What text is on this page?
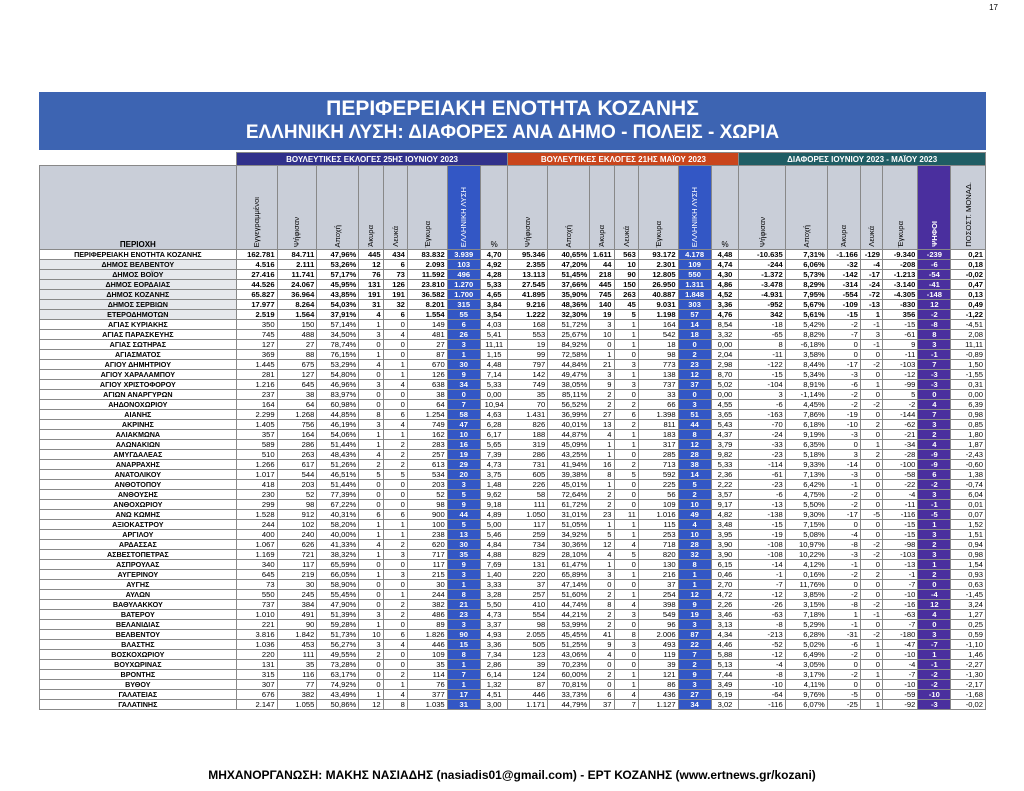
17
ΠΕΡΙΦΕΡΕΙΑΚΗ ΕΝΟΤΗΤΑ ΚΟΖΑΝΗΣ
ΕΛΛΗΝΙΚΗ ΛΥΣΗ: ΔΙΑΦΟΡΕΣ ΑΝΑ ΔΗΜΟ - ΠΟΛΕΙΣ - ΧΩΡΙΑ
	ΒΟΥΛΕΥΤΙΚΕΣ ΕΚΛΟΓΕΣ 25ΗΣ ΙΟΥΝΙΟΥ 2023								ΒΟΥΛΕΥΤΙΚΕΣ ΕΚΛΟΓΕΣ 21ΗΣ ΜΑΪΟΥ 2023							ΔΙΑΦΟΡΕΣ ΙΟΥΝΙΟΥ 2023 - ΜΑΪΟΥ 2023						
ΠΕΡΙΟΧΗ	Εγγεγραμμένοι	Ψήφισαν	Αποχή	Άκυρα	Λευκά	Έγκυρα	ΕΛΛΗΝΙΚΗ ΛΥΣΗ	%	Ψήφισαν	Αποχή	Άκυρα	Λευκά	Έγκυρα	ΕΛΛΗΝΙΚΗ ΛΥΣΗ	%	Ψήφισαν	Αποχή	Άκυρα	Λευκά	Έγκυρα	ΨΗΦΟΙ	ΠΟΣΟΣΤ. ΜΟΝΑΔ.
ΠΕΡΙΦΕΡΕΙΑΚΗ ΕΝΟΤΗΤΑ ΚΟΖΑΝΗΣ	162.781	84.711	47,96%	445	434	83.832	3.939	4,70	95.346	40,65%	1.611	563	93.172	4.178	4,48	-10.635	7,31%	-1.166	-129	-9.340	-239	0,21
ΔΗΜΟΣ ΒΕΛΒΕΝΤΟΥ	4.516	2.111	53,26%	12	6	2.093	103	4,92	2.355	47,20%	44	10	2.301	109	4,74	-244	6,06%	-32	-4	-208	-6	0,18
ΔΗΜΟΣ ΒΟΪΟΥ	27.416	11.741	57,17%	76	73	11.592	496	4,28	13.113	51,45%	218	90	12.805	550	4,30	-1.372	5,73%	-142	-17	-1.213	-54	-0,02
ΔΗΜΟΣ ΕΟΡΔΑΙΑΣ	44.526	24.067	45,95%	131	126	23.810	1.270	5,33	27.545	37,66%	445	150	26.950	1.311	4,86	-3.478	8,29%	-314	-24	-3.140	-41	0,47
ΔΗΜΟΣ ΚΟΖΑΝΗΣ	65.827	36.964	43,85%	191	191	36.582	1.700	4,65	41.895	35,90%	745	263	40.887	1.848	4,52	-4.931	7,95%	-554	-72	-4.305	-148	0,13
ΔΗΜΟΣ ΣΕΡΒΙΩΝ	17.977	8.264	54,03%	31	32	8.201	315	3,84	9.216	48,36%	140	45	9.031	303	3,36	-952	5,67%	-109	-13	-830	12	0,49
ΕΤΕΡΟΔΗΜΟΤΩΝ	2.519	1.564	37,91%	4	6	1.554	55	3,54	1.222	32,30%	19	5	1.198	57	4,76	342	5,61%	-15	1	356	-2	-1,22
ΑΓΙΑΣ ΚΥΡΙΑΚΗΣ	350	150	57,14%	1	0	149	6	4,03	168	51,72%	3	1	164	14	8,54	-18	5,42%	-2	-1	-15	-8	-4,51
ΑΓΙΑΣ ΠΑΡΑΣΚΕΥΗΣ	745	488	34,50%	3	4	481	26	5,41	553	25,67%	10	1	542	18	3,32	-65	8,82%	-7	3	-61	8	2,08
ΑΓΙΑΣ ΣΩΤΗΡΑΣ	127	27	78,74%	0	0	27	3	11,11	19	84,92%	0	1	18	0	0,00	8	-6,18%	0	-1	9	3	11,11
ΑΓΙΑΣΜΑΤΟΣ	369	88	76,15%	1	0	87	1	1,15	99	72,58%	1	0	98	2	2,04	-11	3,58%	0	0	-11	-1	-0,89
ΑΓΙΟΥ ΔΗΜΗΤΡΙΟΥ	1.445	675	53,29%	4	1	670	30	4,48	797	44,84%	21	3	773	23	2,98	-122	8,44%	-17	-2	-103	7	1,50
ΑΓΙΟΥ ΧΑΡΑΛΑΜΠΟΥ	281	127	54,80%	0	1	126	9	7,14	142	49,47%	3	1	138	12	8,70	-15	5,34%	-3	0	-12	-3	-1,55
ΑΓΙΟΥ ΧΡΙΣΤΟΦΟΡΟΥ	1.216	645	46,96%	3	4	638	34	5,33	749	38,05%	9	3	737	37	5,02	-104	8,91%	-6	1	-99	-3	0,31
ΑΓΙΩΝ ΑΝΑΡΓΥΡΩΝ	237	38	83,97%	0	0	38	0	0,00	35	85,11%	2	0	33	0	0,00	3	-1,14%	-2	0	5	0	0,00
ΑΗΔΟΝΟΧΩΡΙΟΥ	164	64	60,98%	0	0	64	7	10,94	70	56,52%	2	2	66	3	4,55	-6	4,45%	-2	-2	-2	4	6,39
ΑΙΑΝΗΣ	2.299	1.268	44,85%	8	6	1.254	58	4,63	1.431	36,99%	27	6	1.398	51	3,65	-163	7,86%	-19	0	-144	7	0,98
ΑΚΡΙΝΗΣ	1.405	756	46,19%	3	4	749	47	6,28	826	40,01%	13	2	811	44	5,43	-70	6,18%	-10	2	-62	3	0,85
ΑΛΙΑΚΜΩΝΑ	357	164	54,06%	1	1	162	10	6,17	188	44,87%	4	1	183	8	4,37	-24	9,19%	-3	0	-21	2	1,80
ΑΛΩΝΑΚΙΩΝ	589	286	51,44%	1	2	283	16	5,65	319	45,09%	1	1	317	12	3,79	-33	6,35%	0	1	-34	4	1,87
ΑΜΥΓΔΑΛΕΑΣ	510	263	48,43%	4	2	257	19	7,39	286	43,25%	1	0	285	28	9,82	-23	5,18%	3	2	-28	-9	-2,43
ΑΝΑΡΡΑΧΗΣ	1.266	617	51,26%	2	2	613	29	4,73	731	41,94%	16	2	713	38	5,33	-114	9,33%	-14	0	-100	-9	-0,60
ΑΝΑΤΟΛΙΚΟΥ	1.017	544	46,51%	5	5	534	20	3,75	605	39,38%	8	5	592	14	2,36	-61	7,13%	-3	0	-58	6	1,38
ΑΝΘΟΤΟΠΟΥ	418	203	51,44%	0	0	203	3	1,48	226	45,01%	1	0	225	5	2,22	-23	6,42%	-1	0	-22	-2	-0,74
ΑΝΘΟΥΣΗΣ	230	52	77,39%	0	0	52	5	9,62	58	72,64%	2	0	56	2	3,57	-6	4,75%	-2	0	-4	3	6,04
ΑΝΘΟΧΩΡΙΟΥ	299	98	67,22%	0	0	98	9	9,18	111	61,72%	2	0	109	10	9,17	-13	5,50%	-2	0	-11	-1	0,01
ΑΝΩ ΚΩΜΗΣ	1.528	912	40,31%	6	6	900	44	4,89	1.050	31,01%	23	11	1.016	49	4,82	-138	9,30%	-17	-5	-116	-5	0,07
ΑΞΙΟΚΑΣΤΡΟΥ	244	102	58,20%	1	1	100	5	5,00	117	51,05%	1	1	115	4	3,48	-15	7,15%	0	0	-15	1	1,52
ΑΡΓΙΛΟΥ	400	240	40,00%	1	1	238	13	5,46	259	34,92%	5	1	253	10	3,95	-19	5,08%	-4	0	-15	3	1,51
ΑΡΔΑΣΣΑΣ	1.067	626	41,33%	4	2	620	30	4,84	734	30,36%	12	4	718	28	3,90	-108	10,97%	-8	-2	-98	2	0,94
ΑΣΒΕΣΤΟΠΕΤΡΑΣ	1.169	721	38,32%	1	3	717	35	4,88	829	28,10%	4	5	820	32	3,90	-108	10,22%	-3	-2	-103	3	0,98
ΑΣΠΡΟΥΛΑΣ	340	117	65,59%	0	0	117	9	7,69	131	61,47%	1	0	130	8	6,15	-14	4,12%	-1	0	-13	1	1,54
ΑΥΓΕΡΙΝΟΥ	645	219	66,05%	1	3	215	3	1,40	220	65,89%	3	1	216	1	0,46	-1	0,16%	-2	2	-1	2	0,93
ΑΥΓΗΣ	73	30	58,90%	0	0	30	1	3,33	37	47,14%	0	0	37	1	2,70	-7	11,76%	0	0	-7	0	0,63
ΑΥΛΩΝ	550	245	55,45%	0	1	244	8	3,28	257	51,60%	2	1	254	12	4,72	-12	3,85%	-2	0	-10	-4	-1,45
ΒΑΘΥΛΑΚΚΟΥ	737	384	47,90%	0	2	382	21	5,50	410	44,74%	8	4	398	9	2,26	-26	3,15%	-8	-2	-16	12	3,24
ΒΑΤΕΡΟΥ	1.010	491	51,39%	3	2	486	23	4,73	554	44,21%	2	3	549	19	3,46	-63	7,18%	1	-1	-63	4	1,27
ΒΕΛΑΝΙΔΙΑΣ	221	90	59,28%	1	0	89	3	3,37	98	53,99%	2	0	96	3	3,13	-8	5,29%	-1	0	-7	0	0,25
ΒΕΛΒΕΝΤΟΥ	3.816	1.842	51,73%	10	6	1.826	90	4,93	2.055	45,45%	41	8	2.006	87	4,34	-213	6,28%	-31	-2	-180	3	0,59
ΒΛΑΣΤΗΣ	1.036	453	56,27%	3	4	446	15	3,36	505	51,25%	9	3	493	22	4,46	-52	5,02%	-6	1	-47	-7	-1,10
ΒΟΣΚΟΧΩΡΙΟΥ	220	111	49,55%	2	0	109	8	7,34	123	43,06%	4	0	119	7	5,88	-12	6,49%	-2	0	-10	1	1,46
ΒΟΥΧΩΡΙΝΑΣ	131	35	73,28%	0	0	35	1	2,86	39	70,23%	0	0	39	2	5,13	-4	3,05%	0	0	-4	-1	-2,27
ΒΡΟΝΤΗΣ	315	116	63,17%	0	2	114	7	6,14	124	60,00%	2	1	121	9	7,44	-8	3,17%	-2	1	-7	-2	-1,30
ΒΥΘΟΥ	307	77	74,92%	0	1	76	1	1,32	87	70,81%	0	1	86	3	3,49	-10	4,11%	0	0	-10	-2	-2,17
ΓΑΛΑΤΕΙΑΣ	676	382	43,49%	1	4	377	17	4,51	446	33,73%	6	4	436	27	6,19	-64	9,76%	-5	0	-59	-10	-1,68
ΓΑΛΑΤΙΝΗΣ	2.147	1.055	50,86%	12	8	1.035	31	3,00	1.171	44,79%	37	7	1.127	34	3,02	-116	6,07%	-25	1	-92	-3	-0,02
ΜΗΧΑΝΟΡΓΑΝΩΣΗ: ΜΑΚΗΣ ΝΑΣΙΑΔΗΣ (nasiadis01@gmail.com) - ΕΡΤ ΚΟΖΑΝΗΣ (www.ertnews.gr/kozani)
